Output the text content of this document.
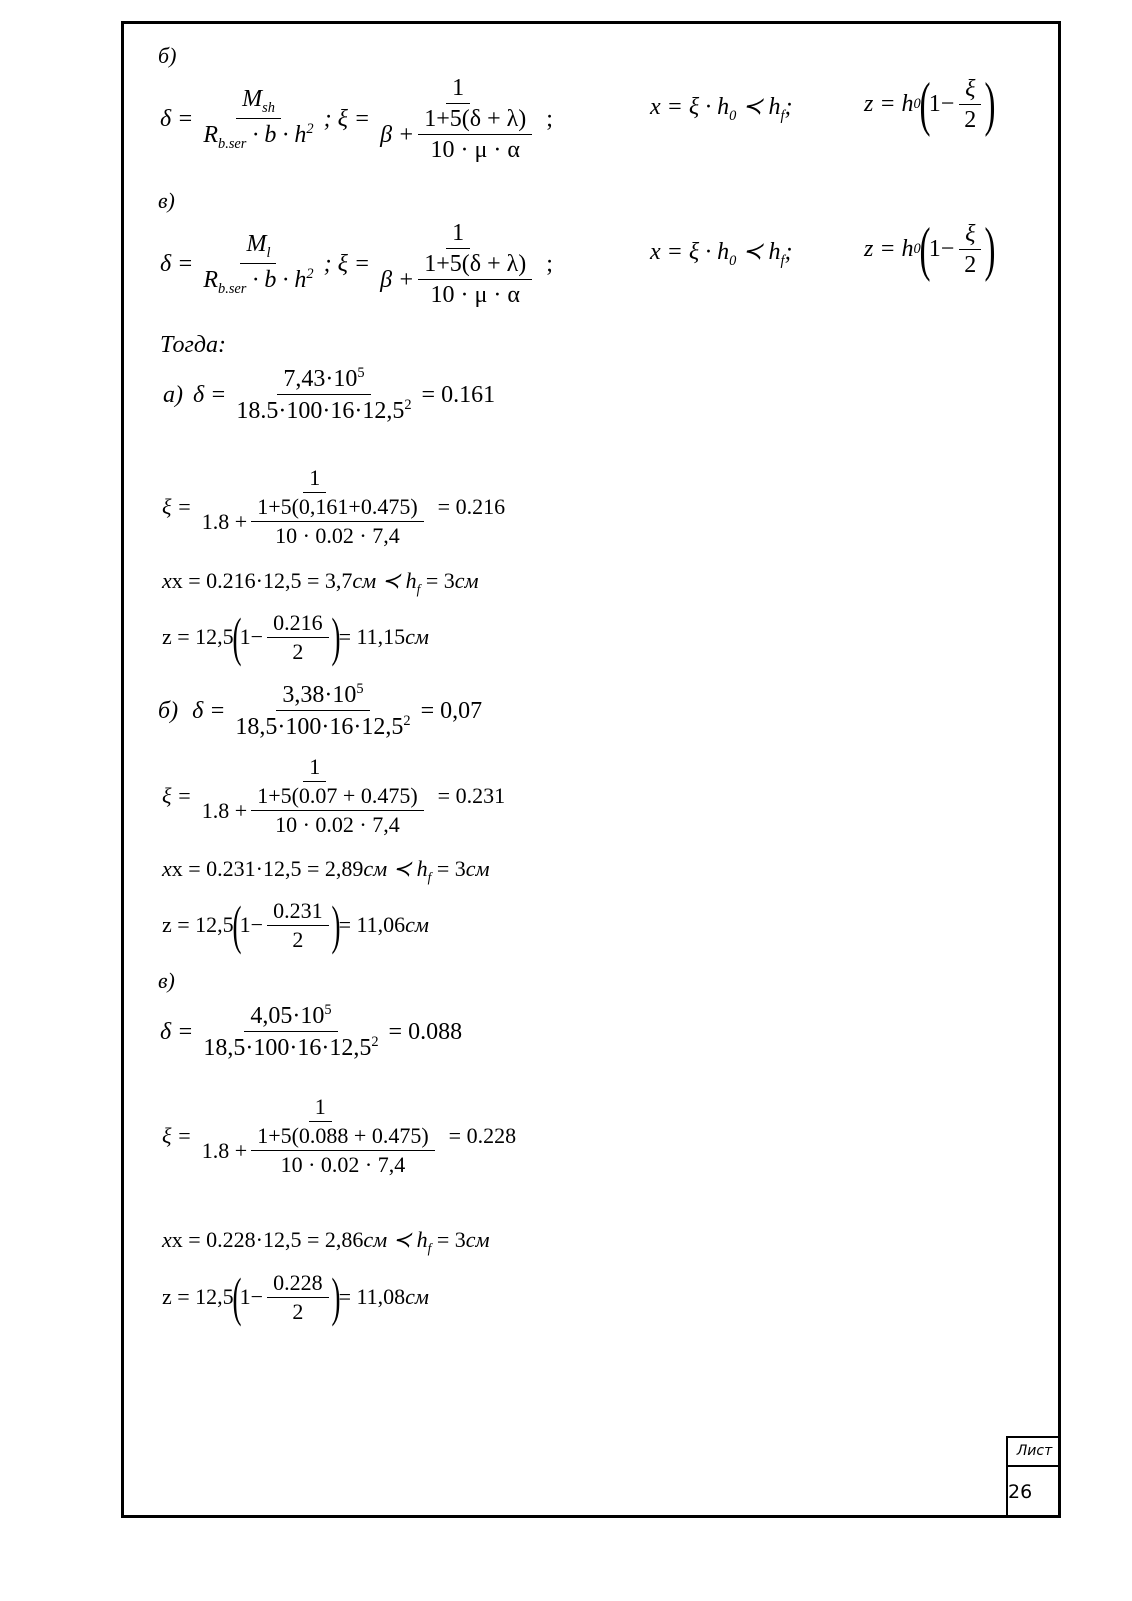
б)
$\delta = \frac{M_{sh}}{R_{b.ser} \cdot b \cdot h^2}$ ; $\xi = \frac{1}{\beta + \frac{1+5(\delta + \lambda)}{10 \cdot \mu \cdot \alpha}}$ ;	$x = \xi \cdot h_0$ ≺ $h_f$;	z = h 0
(
$1- \frac{\xi}{2}$ )
в)
$\delta = \frac{M_l}{R_{b.ser} \cdot b \cdot h^2}$ ; $\xi = \frac{1}{\beta + \frac{1+5(\delta + \lambda)}{10 \cdot \mu \cdot \alpha}}$ ;	$x = \xi \cdot h_0$ ≺ $h_f$;	z = h 0
(
$1- \frac{\xi}{2}$ )
Тогда:
а) $\delta = \frac{7,43\cdot 10^5}{18.5\cdot 100\cdot 16\cdot 12,5^2} = 0.161$
$\xi = \frac{1}{1.8 + \frac{1+5(0,161+0.475)}{10 \cdot 0.02 \cdot 7,4}} = 0.216$
xx = 0.216·12,5 = 3,7см ≺ $h_f = 3см$
z = 12,5
(
$1- \frac{0.216}{2}$ )
= 11,15 см
б) $\delta = \frac{3,38\cdot 10^5}{18,5\cdot 100\cdot 16\cdot 12,5^2} = 0,07$
$\xi = \frac{1}{1.8 + \frac{1+5(0.07 + 0.475)}{10 \cdot 0.02 \cdot 7,4}} = 0.231$
xx = 0.231·12,5 = 2,89см ≺ $h_f = 3см$
z = 12,5
(
$1- \frac{0.231}{2}$ )
= 11,06 см
в)
$\delta = \frac{4,05\cdot 10^5}{18,5\cdot 100\cdot 16\cdot 12,5^2} = 0.088$
$\xi = \frac{1}{1.8 + \frac{1+5(0.088 + 0.475)}{10 \cdot 0.02 \cdot 7,4}} = 0.228$
xx = 0.228·12,5 = 2,86см ≺ $h_f = 3см$
z = 12,5
(
$1- \frac{0.228}{2}$ )
= 11,08 см
Лист
26
